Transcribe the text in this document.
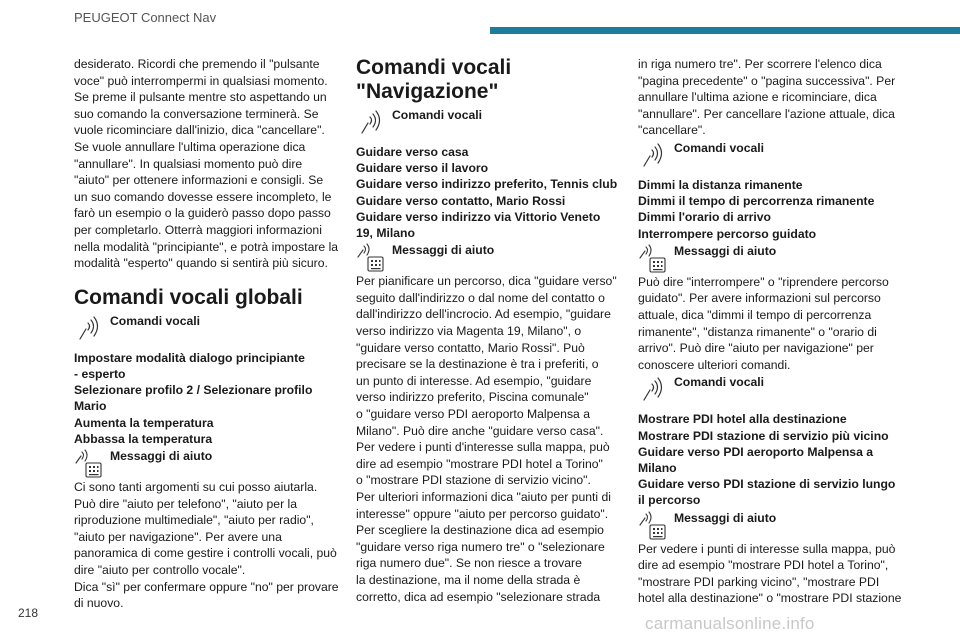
PEUGEOT Connect Nav

desiderato. Ricordi che premendo il "pulsante
voce" può interrompermi in qualsiasi momento.
Se preme il pulsante mentre sto aspettando un
suo comando la conversazione terminerà. Se
vuole ricominciare dall'inizio, dica "cancellare".
Se vuole annullare l'ultima operazione dica
"annullare". In qualsiasi momento può dire
"aiuto" per ottenere informazioni e consigli. Se
un suo comando dovesse essere incompleto, le
farò un esempio o la guiderò passo dopo passo
per completarlo. Otterrà maggiori informazioni
nella modalità "principiante", e potrà impostare la
modalità "esperto" quando si sentirà più sicuro.

Comandi vocali globali
Comandi vocali
Impostare modalità dialogo principiante
- esperto
Selezionare profilo 2 / Selezionare profilo
Mario
Aumenta la temperatura
Abbassa la temperatura
Messaggi di aiuto

Ci sono tanti argomenti su cui posso aiutarla.
Può dire "aiuto per telefono", "aiuto per la
riproduzione multimediale", "aiuto per radio",
"aiuto per navigazione". Per avere una
panoramica di come gestire i controlli vocali, può
dire "aiuto per controllo vocale".
Dica "sì" per confermare oppure "no" per provare
di nuovo.

Comandi vocali
"Navigazione"
Comandi vocali
Guidare verso casa
Guidare verso il lavoro
Guidare verso indirizzo preferito, Tennis club
Guidare verso contatto, Mario Rossi
Guidare verso indirizzo via Vittorio Veneto
19, Milano
Messaggi di aiuto

Per pianificare un percorso, dica "guidare verso"
seguito dall'indirizzo o dal nome del contatto o
dall'indirizzo dell'incrocio. Ad esempio, "guidare
verso indirizzo via Magenta 19, Milano", o
"guidare verso contatto, Mario Rossi". Può
precisare se la destinazione è tra i preferiti, o
un punto di interesse. Ad esempio, "guidare
verso indirizzo preferito, Piscina comunale"
o "guidare verso PDI aeroporto Malpensa a
Milano". Può dire anche "guidare verso casa".
Per vedere i punti d'interesse sulla mappa, può
dire ad esempio "mostrare PDI hotel a Torino"
o "mostrare PDI stazione di servizio vicino".
Per ulteriori informazioni dica "aiuto per punti di
interesse" oppure "aiuto per percorso guidato".
Per scegliere la destinazione dica ad esempio
"guidare verso riga numero tre" o "selezionare
riga numero due". Se non riesce a trovare
la destinazione, ma il nome della strada è
corretto, dica ad esempio "selezionare strada

in riga numero tre". Per scorrere l'elenco dica
"pagina precedente" o "pagina successiva". Per
annullare l'ultima azione e ricominciare, dica
"annullare". Per cancellare l'azione attuale, dica
"cancellare".

Comandi vocali
Dimmi la distanza rimanente
Dimmi il tempo di percorrenza rimanente
Dimmi l'orario di arrivo
Interrompere percorso guidato
Messaggi di aiuto

Può dire "interrompere" o "riprendere percorso
guidato". Per avere informazioni sul percorso
attuale, dica "dimmi il tempo di percorrenza
rimanente", "distanza rimanente" o "orario di
arrivo". Può dire "aiuto per navigazione" per
conoscere ulteriori comandi.

Comandi vocali
Mostrare PDI hotel alla destinazione
Mostrare PDI stazione di servizio più vicino
Guidare verso PDI aeroporto Malpensa a
Milano
Guidare verso PDI stazione di servizio lungo
il percorso
Messaggi di aiuto

Per vedere i punti di interesse sulla mappa, può
dire ad esempio "mostrare PDI hotel a Torino",
"mostrare PDI parking vicino", "mostrare PDI
hotel alla destinazione" o "mostrare PDI stazione

218
carmanualsonline.info
